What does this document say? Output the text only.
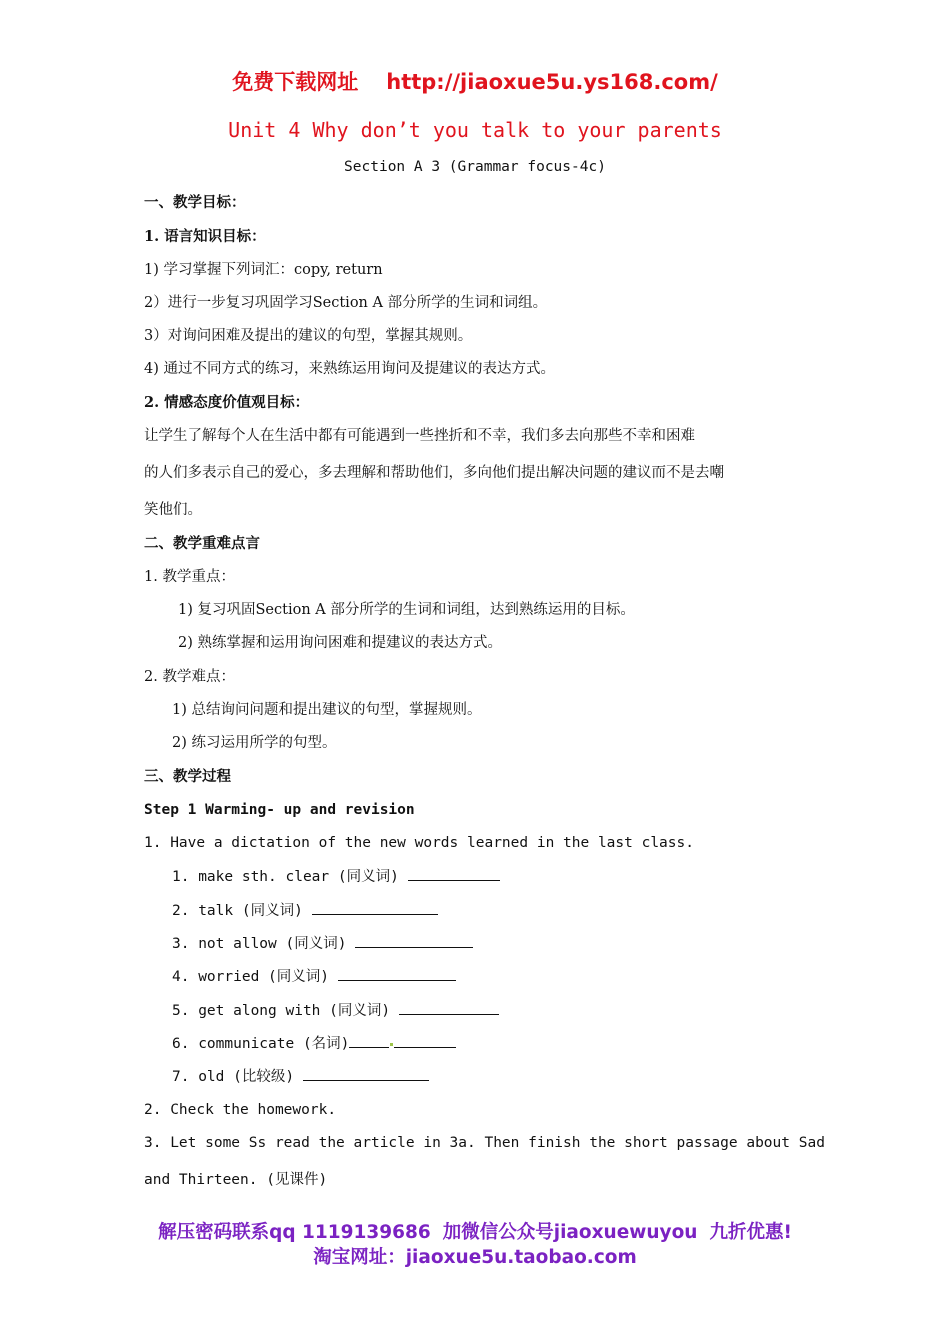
免费下载网址 http://jiaoxue5u.ys168.com/
Unit 4 Why don’t you talk to your parents
Section A 3 (Grammar focus-4c)
一、教学目标：
1. 语言知识目标：
1) 学习掌握下列词汇：copy, return
2）进行一步复习巩固学习Section A 部分所学的生词和词组。
3）对询问困难及提出的建议的句型，掌握其规则。
4) 通过不同方式的练习，来熟练运用询问及提建议的表达方式。
2. 情感态度价值观目标：
让学生了解每个人在生活中都有可能遇到一些挫折和不幸，我们多去向那些不幸和困难
的人们多表示自己的爱心，多去理解和帮助他们，多向他们提出解决问题的建议而不是去嘲
笑他们。
二、教学重难点言
1. 教学重点：
1) 复习巩固Section A 部分所学的生词和词组，达到熟练运用的目标。
2) 熟练掌握和运用询问困难和提建议的表达方式。
2. 教学难点：
1) 总结询问问题和提出建议的句型，掌握规则。
2) 练习运用所学的句型。
三、教学过程
Step 1 Warming- up and revision
1. Have a dictation of the new words learned in the last class.
1. make sth. clear (同义词)
2. talk (同义词)
3. not allow (同义词)
4. worried (同义词)
5. get along with (同义词)
6. communicate (名词)
7. old (比较级)
2. Check the homework.
3. Let some Ss read the article in 3a. Then finish the short passage about Sad
and Thirteen. (见课件)
解压密码联系qq 1119139686 加微信公众号jiaoxuewuyou 九折优惠!
淘宝网址：jiaoxue5u.taobao.com
